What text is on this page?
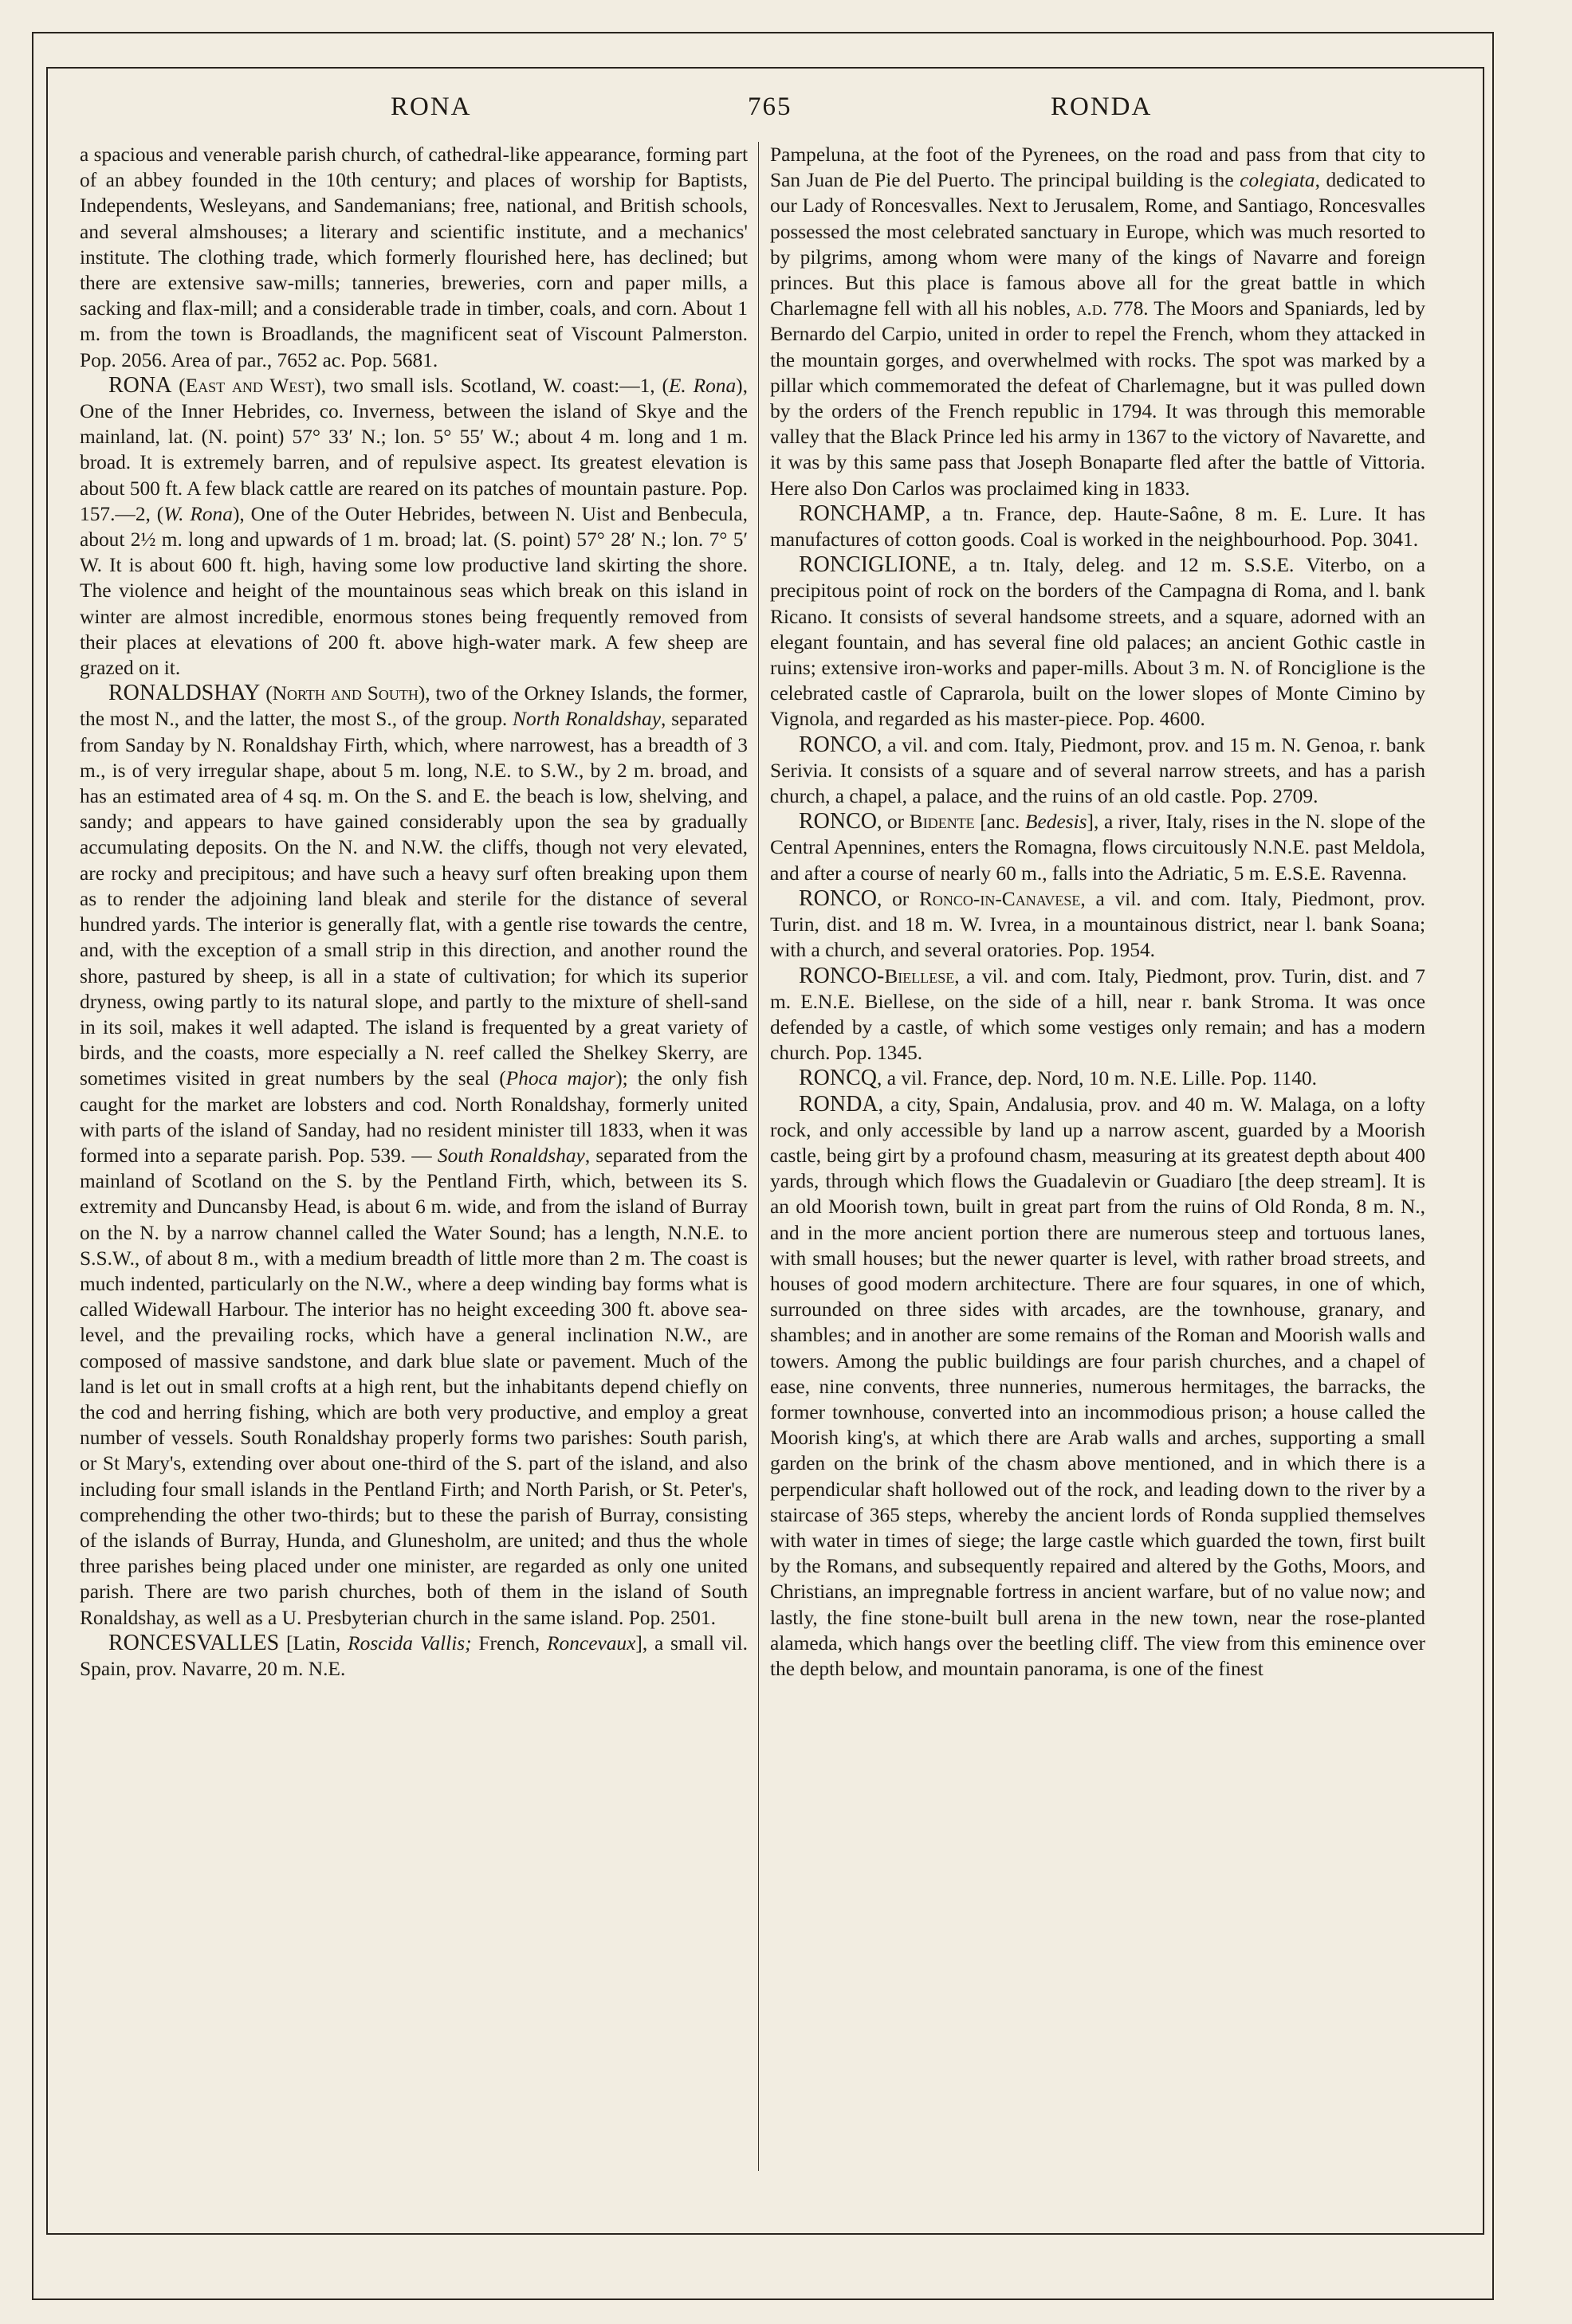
RONA	765	RONDA

a spacious and venerable parish church, of cathedral-like appearance, forming part of an abbey founded in the 10th century; and places of worship for Baptists, Independents, Wesleyans, and Sandemanians; free, national, and British schools, and several almshouses; a literary and scientific institute, and a mechanics' institute. The clothing trade, which formerly flourished here, has declined; but there are extensive saw-mills; tanneries, breweries, corn and paper mills, a sacking and flax-mill; and a considerable trade in timber, coals, and corn. About 1 m. from the town is Broadlands, the magnificent seat of Viscount Palmerston. Pop. 2056. Area of par., 7652 ac. Pop. 5681.

RONA (East and West), two small isls. Scotland, W. coast:—1, (E. Rona), One of the Inner Hebrides, co. Inverness, between the island of Skye and the mainland, lat. (N. point) 57° 33′ N.; lon. 5° 55′ W.; about 4 m. long and 1 m. broad. It is extremely barren, and of repulsive aspect. Its greatest elevation is about 500 ft. A few black cattle are reared on its patches of mountain pasture. Pop. 157.—2, (W. Rona), One of the Outer Hebrides, between N. Uist and Benbecula, about 2½ m. long and upwards of 1 m. broad; lat. (S. point) 57° 28′ N.; lon. 7° 5′ W. It is about 600 ft. high, having some low productive land skirting the shore. The violence and height of the mountainous seas which break on this island in winter are almost incredible, enormous stones being frequently removed from their places at elevations of 200 ft. above high-water mark. A few sheep are grazed on it.

RONALDSHAY (North and South), two of the Orkney Islands, the former, the most N., and the latter, the most S., of the group. North Ronaldshay, separated from Sanday by N. Ronaldshay Firth, which, where narrowest, has a breadth of 3 m., is of very irregular shape, about 5 m. long, N.E. to S.W., by 2 m. broad, and has an estimated area of 4 sq. m. On the S. and E. the beach is low, shelving, and sandy; and appears to have gained considerably upon the sea by gradually accumulating deposits. On the N. and N.W. the cliffs, though not very elevated, are rocky and precipitous; and have such a heavy surf often breaking upon them as to render the adjoining land bleak and sterile for the distance of several hundred yards. The interior is generally flat, with a gentle rise towards the centre, and, with the exception of a small strip in this direction, and another round the shore, pastured by sheep, is all in a state of cultivation; for which its superior dryness, owing partly to its natural slope, and partly to the mixture of shell-sand in its soil, makes it well adapted. The island is frequented by a great variety of birds, and the coasts, more especially a N. reef called the Shelkey Skerry, are sometimes visited in great numbers by the seal (Phoca major); the only fish caught for the market are lobsters and cod. North Ronaldshay, formerly united with parts of the island of Sanday, had no resident minister till 1833, when it was formed into a separate parish. Pop. 539. — South Ronaldshay, separated from the mainland of Scotland on the S. by the Pentland Firth, which, between its S. extremity and Duncansby Head, is about 6 m. wide, and from the island of Burray on the N. by a narrow channel called the Water Sound; has a length, N.N.E. to S.S.W., of about 8 m., with a medium breadth of little more than 2 m. The coast is much indented, particularly on the N.W., where a deep winding bay forms what is called Widewall Harbour. The interior has no height exceeding 300 ft. above sea-level, and the prevailing rocks, which have a general inclination N.W., are composed of massive sandstone, and dark blue slate or pavement. Much of the land is let out in small crofts at a high rent, but the inhabitants depend chiefly on the cod and herring fishing, which are both very productive, and employ a great number of vessels. South Ronaldshay properly forms two parishes: South parish, or St Mary's, extending over about one-third of the S. part of the island, and also including four small islands in the Pentland Firth; and North Parish, or St. Peter's, comprehending the other two-thirds; but to these the parish of Burray, consisting of the islands of Burray, Hunda, and Glunesholm, are united; and thus the whole three parishes being placed under one minister, are regarded as only one united parish. There are two parish churches, both of them in the island of South Ronaldshay, as well as a U. Presbyterian church in the same island. Pop. 2501.

RONCESVALLES [Latin, Roscida Vallis; French, Roncevaux], a small vil. Spain, prov. Navarre, 20 m. N.E.

Pampeluna, at the foot of the Pyrenees, on the road and pass from that city to San Juan de Pie del Puerto. The principal building is the colegiata, dedicated to our Lady of Roncesvalles. Next to Jerusalem, Rome, and Santiago, Roncesvalles possessed the most celebrated sanctuary in Europe, which was much resorted to by pilgrims, among whom were many of the kings of Navarre and foreign princes. But this place is famous above all for the great battle in which Charlemagne fell with all his nobles, a.d. 778. The Moors and Spaniards, led by Bernardo del Carpio, united in order to repel the French, whom they attacked in the mountain gorges, and overwhelmed with rocks. The spot was marked by a pillar which commemorated the defeat of Charlemagne, but it was pulled down by the orders of the French republic in 1794. It was through this memorable valley that the Black Prince led his army in 1367 to the victory of Navarette, and it was by this same pass that Joseph Bonaparte fled after the battle of Vittoria. Here also Don Carlos was proclaimed king in 1833.

RONCHAMP, a tn. France, dep. Haute-Saône, 8 m. E. Lure. It has manufactures of cotton goods. Coal is worked in the neighbourhood. Pop. 3041.

RONCIGLIONE, a tn. Italy, deleg. and 12 m. S.S.E. Viterbo, on a precipitous point of rock on the borders of the Campagna di Roma, and l. bank Ricano. It consists of several handsome streets, and a square, adorned with an elegant fountain, and has several fine old palaces; an ancient Gothic castle in ruins; extensive iron-works and paper-mills. About 3 m. N. of Ronciglione is the celebrated castle of Caprarola, built on the lower slopes of Monte Cimino by Vignola, and regarded as his master-piece. Pop. 4600.

RONCO, a vil. and com. Italy, Piedmont, prov. and 15 m. N. Genoa, r. bank Serivia. It consists of a square and of several narrow streets, and has a parish church, a chapel, a palace, and the ruins of an old castle. Pop. 2709.

RONCO, or Bidente [anc. Bedesis], a river, Italy, rises in the N. slope of the Central Apennines, enters the Romagna, flows circuitously N.N.E. past Meldola, and after a course of nearly 60 m., falls into the Adriatic, 5 m. E.S.E. Ravenna.

RONCO, or Ronco-in-Canavese, a vil. and com. Italy, Piedmont, prov. Turin, dist. and 18 m. W. Ivrea, in a mountainous district, near l. bank Soana; with a church, and several oratories. Pop. 1954.

RONCO-Biellese, a vil. and com. Italy, Piedmont, prov. Turin, dist. and 7 m. E.N.E. Biellese, on the side of a hill, near r. bank Stroma. It was once defended by a castle, of which some vestiges only remain; and has a modern church. Pop. 1345.

RONCQ, a vil. France, dep. Nord, 10 m. N.E. Lille. Pop. 1140.

RONDA, a city, Spain, Andalusia, prov. and 40 m. W. Malaga, on a lofty rock, and only accessible by land up a narrow ascent, guarded by a Moorish castle, being girt by a profound chasm, measuring at its greatest depth about 400 yards, through which flows the Guadalevin or Guadiaro [the deep stream]. It is an old Moorish town, built in great part from the ruins of Old Ronda, 8 m. N., and in the more ancient portion there are numerous steep and tortuous lanes, with small houses; but the newer quarter is level, with rather broad streets, and houses of good modern architecture. There are four squares, in one of which, surrounded on three sides with arcades, are the townhouse, granary, and shambles; and in another are some remains of the Roman and Moorish walls and towers. Among the public buildings are four parish churches, and a chapel of ease, nine convents, three nunneries, numerous hermitages, the barracks, the former townhouse, converted into an incommodious prison; a house called the Moorish king's, at which there are Arab walls and arches, supporting a small garden on the brink of the chasm above mentioned, and in which there is a perpendicular shaft hollowed out of the rock, and leading down to the river by a staircase of 365 steps, whereby the ancient lords of Ronda supplied themselves with water in times of siege; the large castle which guarded the town, first built by the Romans, and subsequently repaired and altered by the Goths, Moors, and Christians, an impregnable fortress in ancient warfare, but of no value now; and lastly, the fine stone-built bull arena in the new town, near the rose-planted alameda, which hangs over the beetling cliff. The view from this eminence over the depth below, and mountain panorama, is one of the finest
